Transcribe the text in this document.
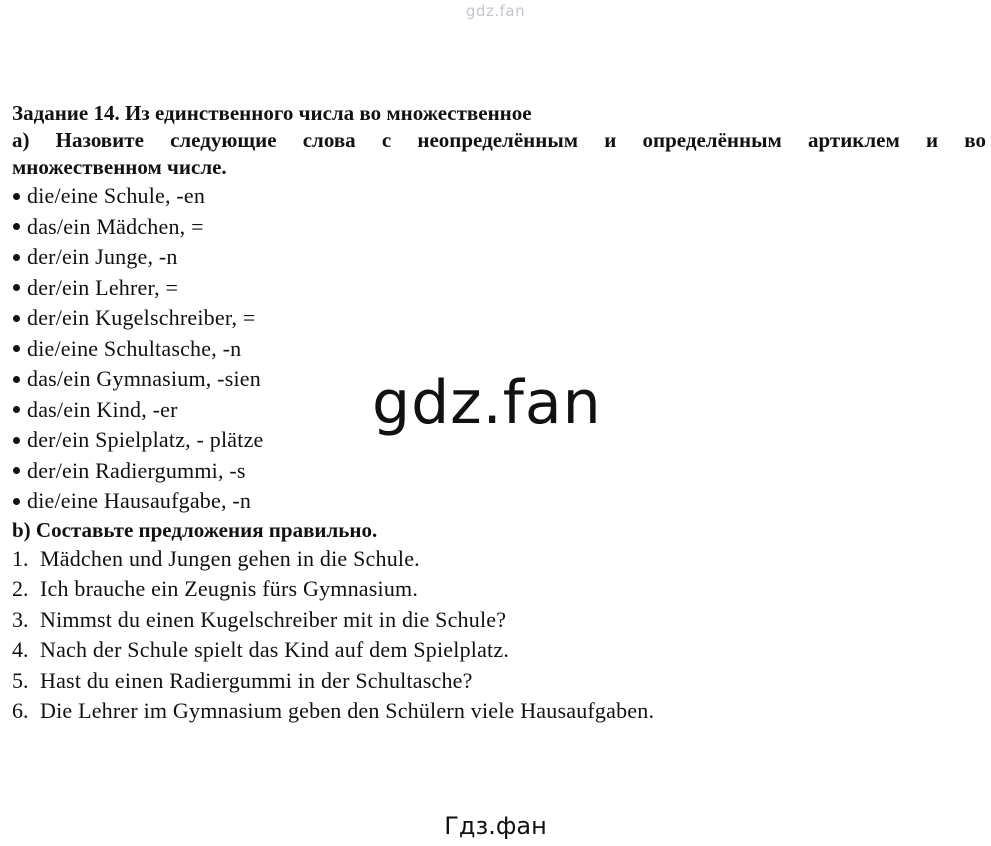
gdz.fan
Задание 14. Из единственного числа во множественное
а) Назовите следующие слова с неопределённым и определённым артиклем и во
множественном числе.
die/eine Schule, -en
das/ein Mädchen, =
der/ein Junge, -n
der/ein Lehrer, =
der/ein Kugelschreiber, =
die/eine Schultasche, -n
das/ein Gymnasium, -sien
das/ein Kind, -er
der/ein Spielplatz, - plätze
der/ein Radiergummi, -s
die/eine Hausaufgabe, -n
b) Составьте предложения правильно.
1. Mädchen und Jungen gehen in die Schule.
2. Ich brauche ein Zeugnis fürs Gymnasium.
3. Nimmst du einen Kugelschreiber mit in die Schule?
4. Nach der Schule spielt das Kind auf dem Spielplatz.
5. Hast du einen Radiergummi in der Schultasche?
6. Die Lehrer im Gymnasium geben den Schülern viele Hausaufgaben.
gdz.fan
Гдз.фан
